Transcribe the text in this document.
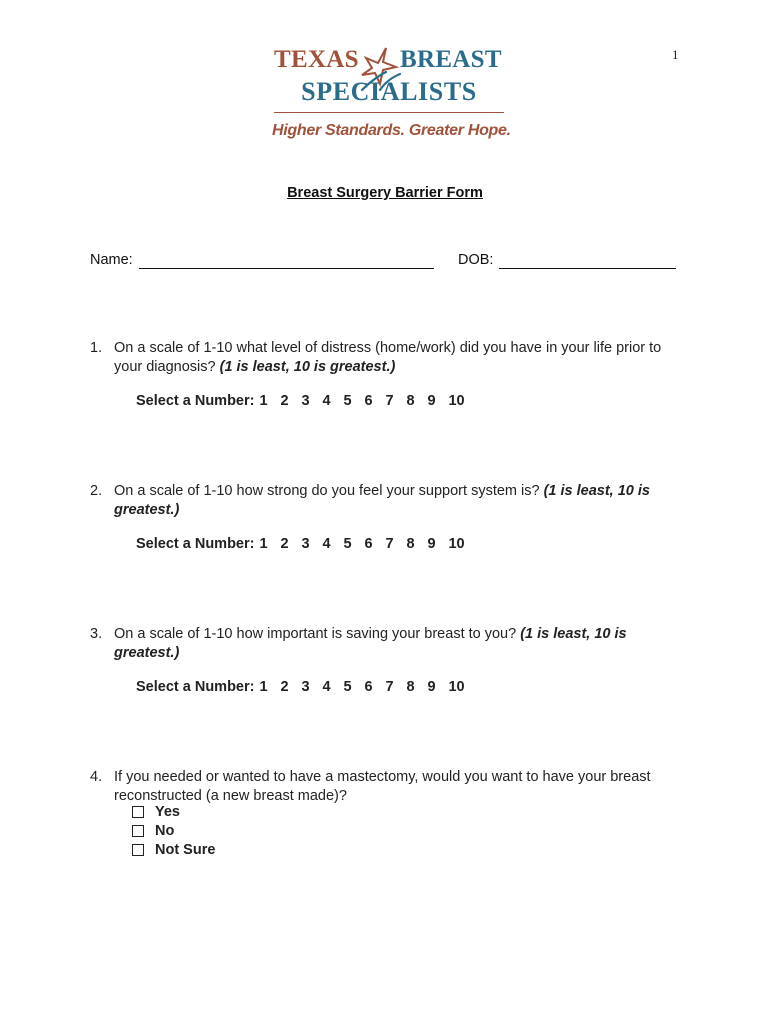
1
TEXAS BREAST
SPECIALISTS
Higher Standards. Greater Hope.
Breast Surgery Barrier Form
Name:	DOB:
1. On a scale of 1-10 what level of distress (home/work) did you have in your life prior to your diagnosis? (1 is least, 10 is greatest.)
Select a Number: 1 2 3 4 5 6 7 8 9 10
2. On a scale of 1-10 how strong do you feel your support system is? (1 is least, 10 is greatest.)
Select a Number: 1 2 3 4 5 6 7 8 9 10
3. On a scale of 1-10 how important is saving your breast to you? (1 is least, 10 is greatest.)
Select a Number: 1 2 3 4 5 6 7 8 9 10
4. If you needed or wanted to have a mastectomy, would you want to have your breast reconstructed (a new breast made)?
Yes
No
Not Sure
